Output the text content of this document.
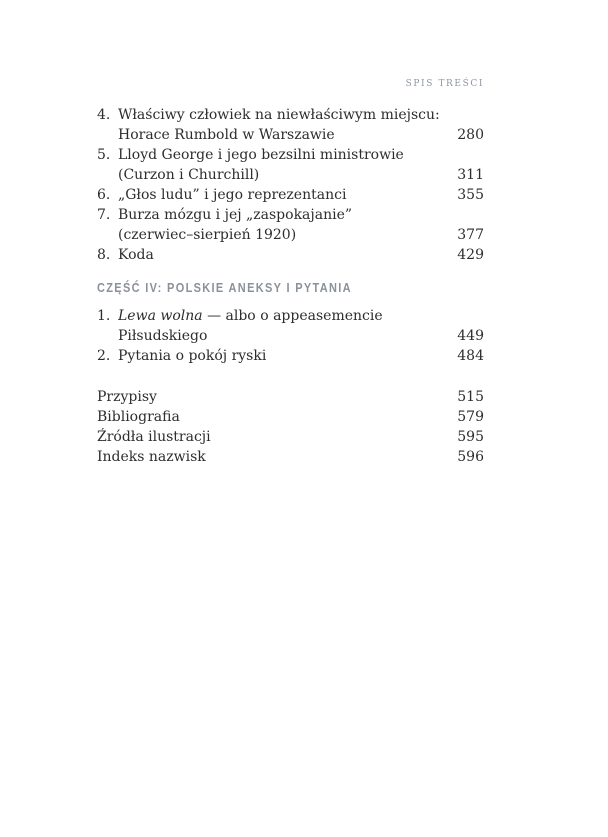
SPIS TREŚCI
4. Właściwy człowiek na niewłaściwym miejscu:
Horace Rumbold w Warszawie	280
5. Lloyd George i jego bezsilni ministrowie
(Curzon i Churchill)	311
6. „Głos ludu” i jego reprezentanci	355
7. Burza mózgu i jej „zaspokajanie”
(czerwiec–sierpień 1920)	377
8. Koda	429
CZĘŚĆ IV: POLSKIE ANEKSY I PYTANIA
1. Lewa wolna — albo o appeasemencie
Piłsudskiego	449
2. Pytania o pokój ryski	484
Przypisy	515
Bibliografia	579
Źródła ilustracji	595
Indeks nazwisk	596
